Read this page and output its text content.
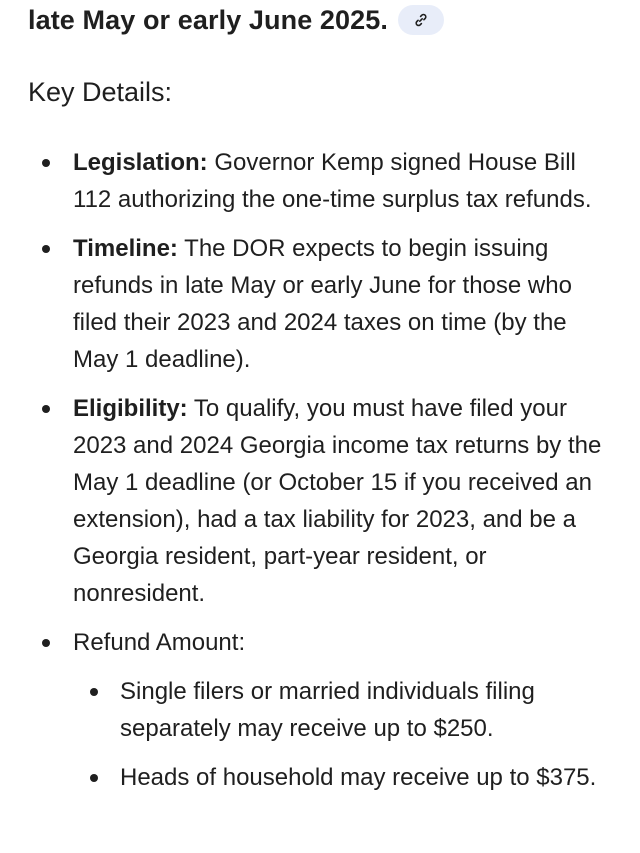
late May or early June 2025.
Key Details:
Legislation: Governor Kemp signed House Bill 112 authorizing the one-time surplus tax refunds.
Timeline: The DOR expects to begin issuing refunds in late May or early June for those who filed their 2023 and 2024 taxes on time (by the May 1 deadline).
Eligibility: To qualify, you must have filed your 2023 and 2024 Georgia income tax returns by the May 1 deadline (or October 15 if you received an extension), had a tax liability for 2023, and be a Georgia resident, part-year resident, or nonresident.
Refund Amount:
Single filers or married individuals filing separately may receive up to $250.
Heads of household may receive up to $375.
